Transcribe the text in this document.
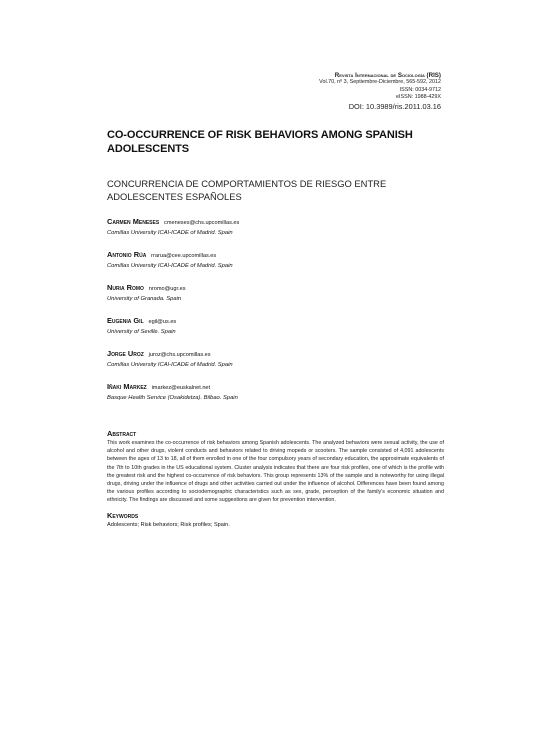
Revista Internacional de Sociología (RIS)
Vol.70, nº 3, Septiembre-Diciembre, 565-592, 2012
ISSN: 0034-9712
eISSN: 1988-429X
DOI: 10.3989/ris.2011.03.16
CO-OCCURRENCE OF RISK BEHAVIORS AMONG SPANISH ADOLESCENTS
CONCURRENCIA DE COMPORTAMIENTOS DE RIESGO ENTRE ADOLESCENTES ESPAÑOLES
Carmen Meneses cmeneses@chs.upcomillas.es
Comillas University ICAI-ICADE of Madrid. Spain
Antonio Rúa rrarua@cee.upcomillas.es
Comillas University ICAI-ICADE of Madrid. Spain
Nuria Romo nromo@ugr.es
University of Granada. Spain
Eugenia Gil egil@us.es
University of Seville. Spain
Jorge Uroz juroz@chs.upcomillas.es
Comillas University ICAI-ICADE of Madrid. Spain
Iñaki Markez imarkez@euskalnet.net
Basque Health Service (Osakidetza). Bilbao. Spain
Abstract

This work examines the co-occurrence of risk behaviors among Spanish adolescents. The analyzed behaviors were sexual activity, the use of alcohol and other drugs, violent conducts and behaviors related to driving mopeds or scooters. The sample consisted of 4,091 adolescents between the ages of 13 to 18, all of them enrolled in one of the four compulsory years of secondary education, the approximate equivalents of the 7th to 10th grades in the US educational system. Cluster analysis indicates that there are four risk profiles, one of which is the profile with the greatest risk and the highest co-occurrence of risk behaviors. This group represents 13% of the sample and is noteworthy for using illegal drugs, driving under the influence of drugs and other activities carried out under the influence of alcohol. Differences have been found among the various profiles according to sociodemographic characteristics such as sex, grade, perception of the family's economic situation and ethnicity. The findings are discussed and some suggestions are given for prevention intervention.

Keywords
Adolescents; Risk behaviors; Risk profiles; Spain.
